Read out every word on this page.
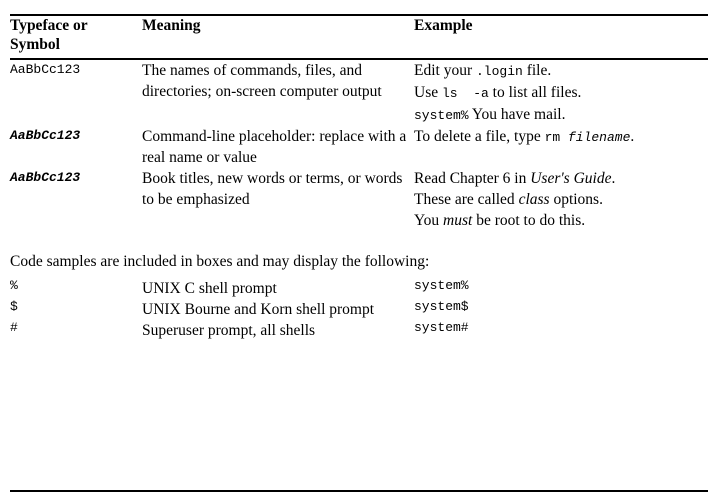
Typeface or
Symbol
	Meaning	Example
AaBbCc123	The names of commands, files, and directories; on-screen computer output	Edit your .login file.
Use ls  -a to list all files.
system% You have mail.

AaBbCc123	Command-line placeholder: replace with a real name or value	To delete a file, type rm filename.

AaBbCc123	Book titles, new words or terms, or words to be emphasized	Read Chapter 6 in User's Guide.
These are called class options.
You must be root to do this.
Code samples are included in boxes and may display the following:
%	UNIX C shell prompt	system%
$	UNIX Bourne and Korn shell prompt	system$
#	Superuser prompt, all shells	system#
